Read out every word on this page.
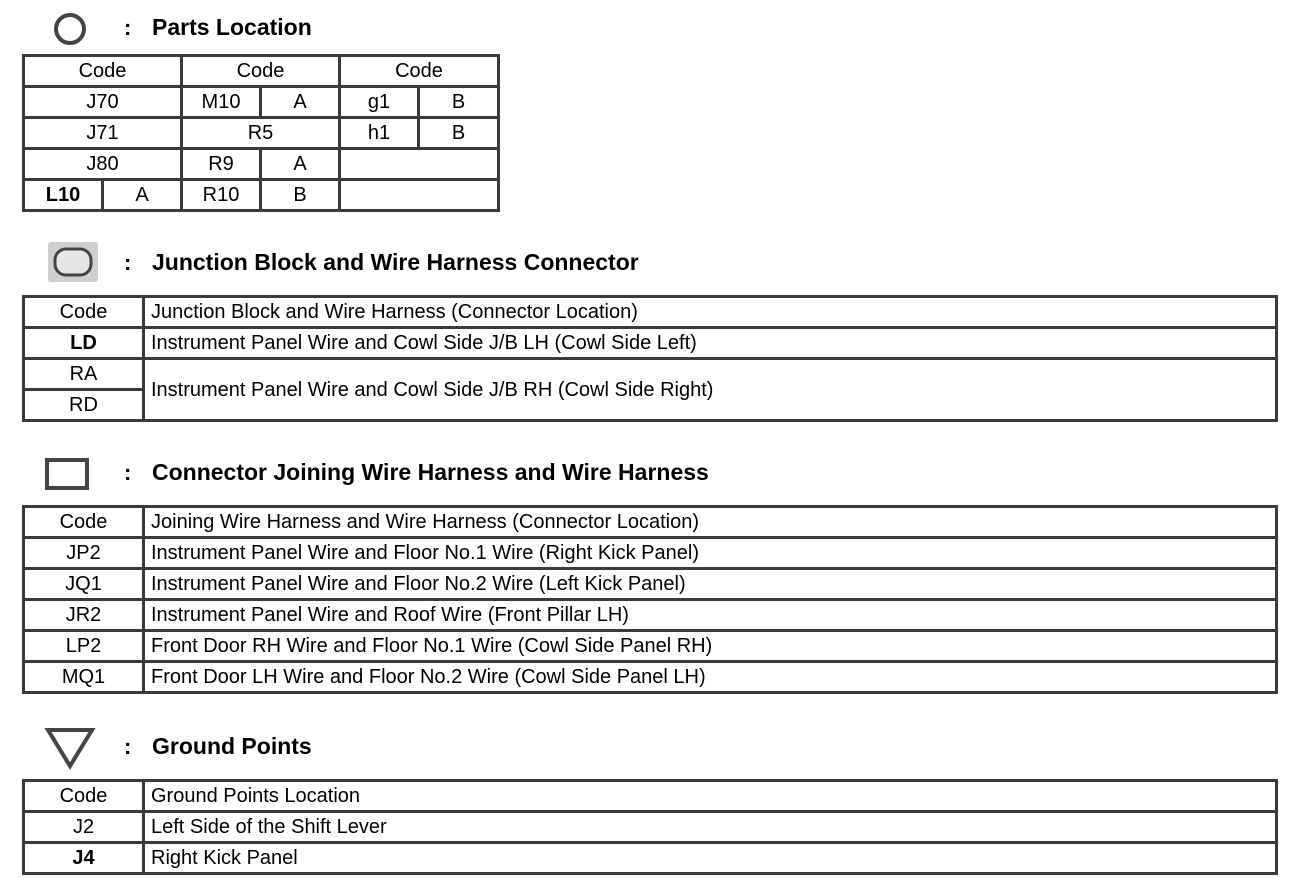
: Parts Location
Code		Code		Code	
J70		M10	A	g1	B
J71		R5		h1	B
J80		R9	A		
L10	A	R10	B		
: Junction Block and Wire Harness Connector
Code	Junction Block and Wire Harness (Connector Location)
LD	Instrument Panel Wire and Cowl Side J/B LH (Cowl Side Left)
RA	Instrument Panel Wire and Cowl Side J/B RH (Cowl Side Right)
RD	
: Connector Joining Wire Harness and Wire Harness
Code	Joining Wire Harness and Wire Harness (Connector Location)
JP2	Instrument Panel Wire and Floor No.1 Wire (Right Kick Panel)
JQ1	Instrument Panel Wire and Floor No.2 Wire (Left Kick Panel)
JR2	Instrument Panel Wire and Roof Wire (Front Pillar LH)
LP2	Front Door RH Wire and Floor No.1 Wire (Cowl Side Panel RH)
MQ1	Front Door LH Wire and Floor No.2 Wire (Cowl Side Panel LH)
: Ground Points
Code	Ground Points Location
J2	Left Side of the Shift Lever
J4	Right Kick Panel
